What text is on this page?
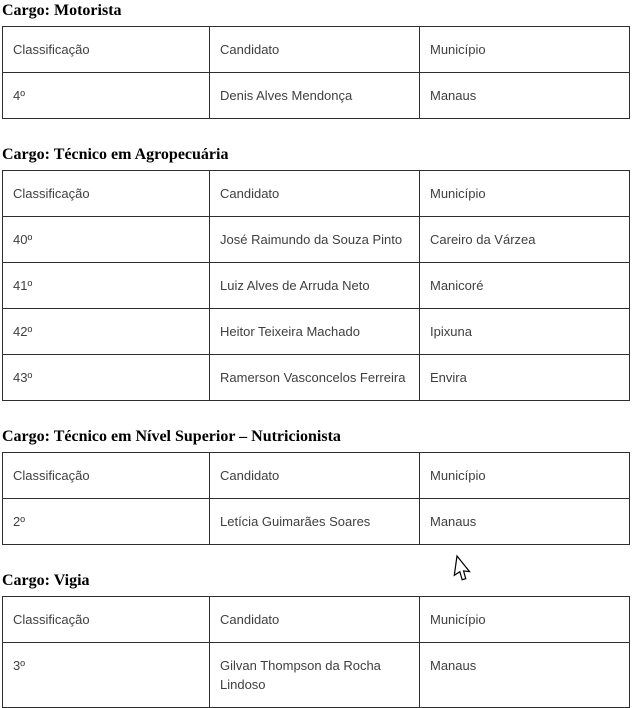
Cargo: Motorista
Classificação	Candidato	Município
4º	Denis Alves Mendonça	Manaus
Cargo: Técnico em Agropecuária
Classificação	Candidato	Município
40º	José Raimundo da Souza Pinto	Careiro da Várzea
41º	Luiz Alves de Arruda Neto	Manicoré
42º	Heitor Teixeira Machado	Ipixuna
43º	Ramerson Vasconcelos Ferreira	Envira
Cargo: Técnico em Nível Superior – Nutricionista
Classificação	Candidato	Município
2º	Letícia Guimarães Soares	Manaus
Cargo: Vigia
Classificação	Candidato	Município
3º	Gilvan Thompson da Rocha Lindoso	Manaus
